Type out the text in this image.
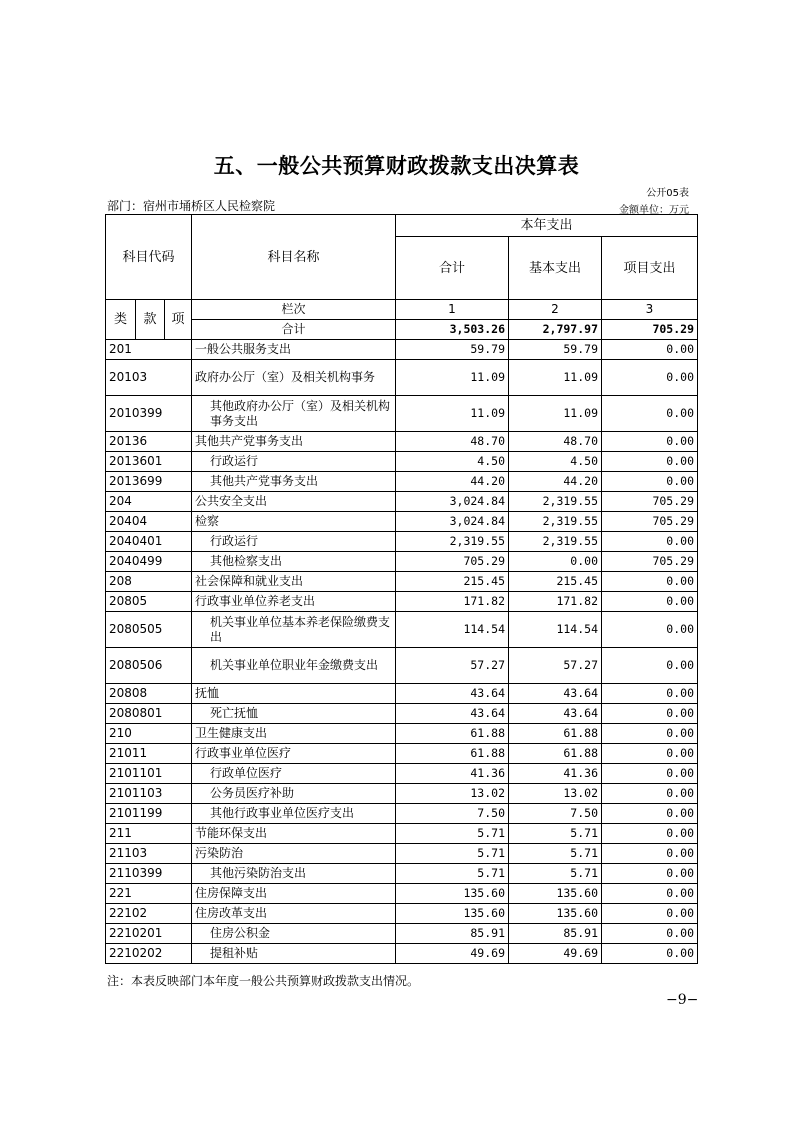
五、一般公共预算财政拨款支出决算表
公开05表
部门：宿州市埇桥区人民检察院	金额单位：万元
科目代码			科目名称	本年支出		
				合计	基本支出	项目支出
类	款	项	栏次	1	2	3
			合计	3,503.26	2,797.97	705.29
201			一般公共服务支出	59.79	59.79	0.00
20103			政府办公厅（室）及相关机构事务	11.09	11.09	0.00
2010399			其他政府办公厅（室）及相关机构事务支出	11.09	11.09	0.00
20136			其他共产党事务支出	48.70	48.70	0.00
2013601			行政运行	4.50	4.50	0.00
2013699			其他共产党事务支出	44.20	44.20	0.00
204			公共安全支出	3,024.84	2,319.55	705.29
20404			检察	3,024.84	2,319.55	705.29
2040401			行政运行	2,319.55	2,319.55	0.00
2040499			其他检察支出	705.29	0.00	705.29
208			社会保障和就业支出	215.45	215.45	0.00
20805			行政事业单位养老支出	171.82	171.82	0.00
2080505			机关事业单位基本养老保险缴费支出	114.54	114.54	0.00
2080506			机关事业单位职业年金缴费支出	57.27	57.27	0.00
20808			抚恤	43.64	43.64	0.00
2080801			死亡抚恤	43.64	43.64	0.00
210			卫生健康支出	61.88	61.88	0.00
21011			行政事业单位医疗	61.88	61.88	0.00
2101101			行政单位医疗	41.36	41.36	0.00
2101103			公务员医疗补助	13.02	13.02	0.00
2101199			其他行政事业单位医疗支出	7.50	7.50	0.00
211			节能环保支出	5.71	5.71	0.00
21103			污染防治	5.71	5.71	0.00
2110399			其他污染防治支出	5.71	5.71	0.00
221			住房保障支出	135.60	135.60	0.00
22102			住房改革支出	135.60	135.60	0.00
2210201			住房公积金	85.91	85.91	0.00
2210202			提租补贴	49.69	49.69	0.00
注：本表反映部门本年度一般公共预算财政拨款支出情况。
−9−
